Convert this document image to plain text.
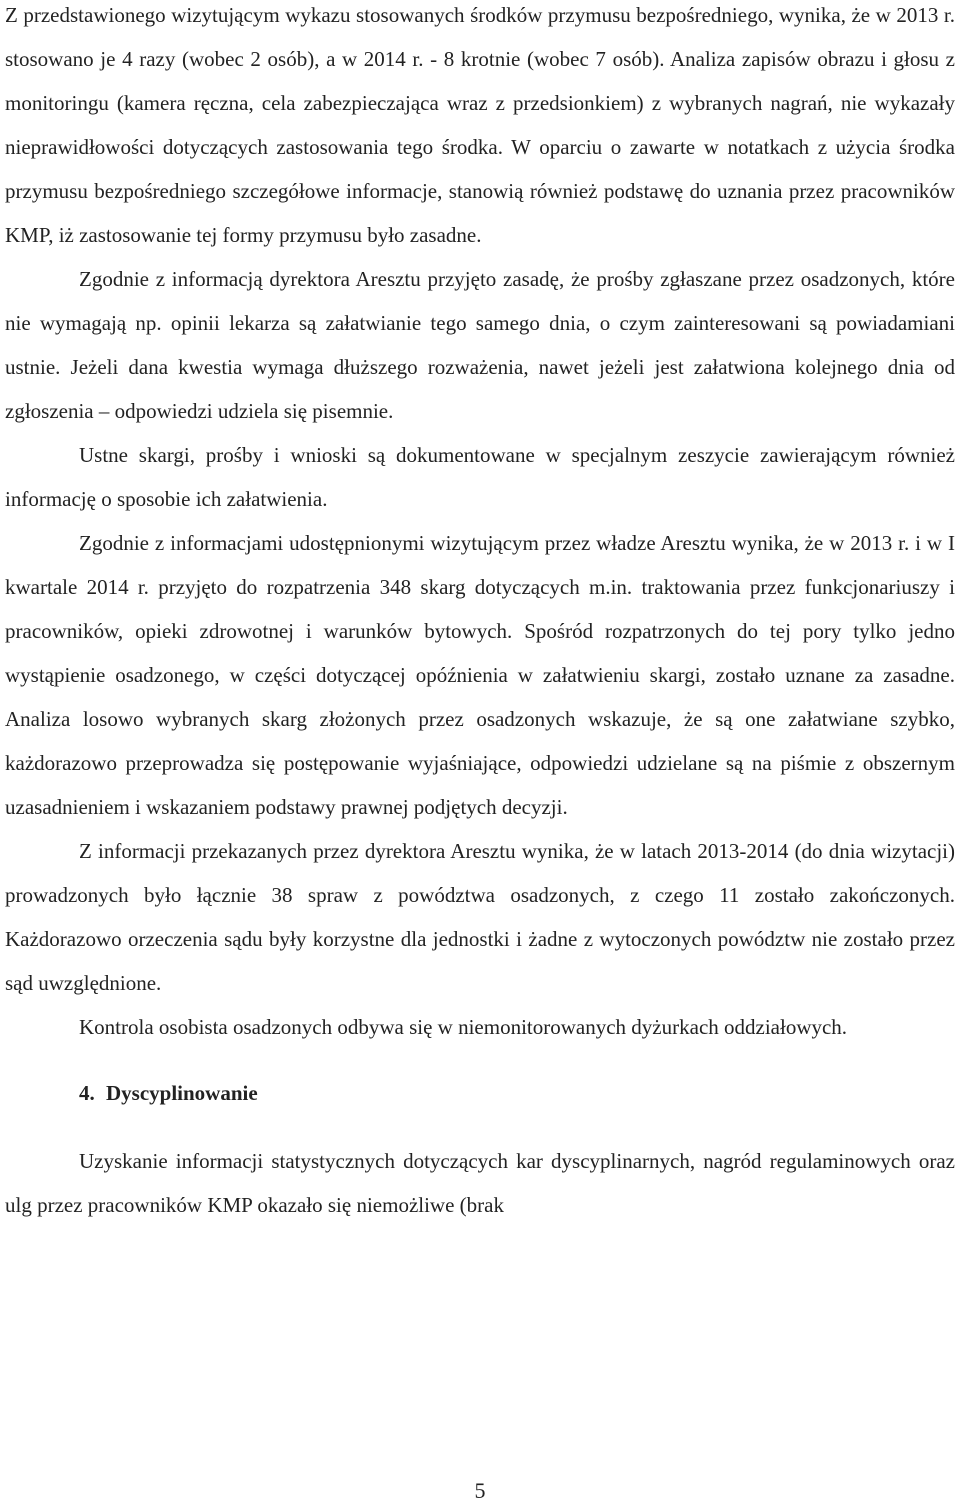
Z przedstawionego wizytującym wykazu stosowanych środków przymusu bezpośredniego, wynika, że w 2013 r. stosowano je 4 razy (wobec 2 osób), a w 2014 r. - 8 krotnie (wobec 7 osób). Analiza zapisów obrazu i głosu z monitoringu (kamera ręczna, cela zabezpieczająca wraz z przedsionkiem) z wybranych nagrań, nie wykazały nieprawidłowości dotyczących zastosowania tego środka. W oparciu o zawarte w notatkach z użycia środka przymusu bezpośredniego szczegółowe informacje, stanowią również podstawę do uznania przez pracowników KMP, iż zastosowanie tej formy przymusu było zasadne.

Zgodnie z informacją dyrektora Aresztu przyjęto zasadę, że prośby zgłaszane przez osadzonych, które nie wymagają np. opinii lekarza są załatwianie tego samego dnia, o czym zainteresowani są powiadamiani ustnie. Jeżeli dana kwestia wymaga dłuższego rozważenia, nawet jeżeli jest załatwiona kolejnego dnia od zgłoszenia – odpowiedzi udziela się pisemnie.

Ustne skargi, prośby i wnioski są dokumentowane w specjalnym zeszycie zawierającym również informację o sposobie ich załatwienia.

Zgodnie z informacjami udostępnionymi wizytującym przez władze Aresztu wynika, że w 2013 r. i w I kwartale 2014 r. przyjęto do rozpatrzenia 348 skarg dotyczących m.in. traktowania przez funkcjonariuszy i pracowników, opieki zdrowotnej i warunków bytowych. Spośród rozpatrzonych do tej pory tylko jedno wystąpienie osadzonego, w części dotyczącej opóźnienia w załatwieniu skargi, zostało uznane za zasadne. Analiza losowo wybranych skarg złożonych przez osadzonych wskazuje, że są one załatwiane szybko, każdorazowo przeprowadza się postępowanie wyjaśniające, odpowiedzi udzielane są na piśmie z obszernym uzasadnieniem i wskazaniem podstawy prawnej podjętych decyzji.

Z informacji przekazanych przez dyrektora Aresztu wynika, że w latach 2013-2014 (do dnia wizytacji) prowadzonych było łącznie 38 spraw z powództwa osadzonych, z czego 11 zostało zakończonych. Każdorazowo orzeczenia sądu były korzystne dla jednostki i żadne z wytoczonych powództw nie zostało przez sąd uwzględnione.

Kontrola osobista osadzonych odbywa się w niemonitorowanych dyżurkach oddziałowych.

4. Dyscyplinowanie

Uzyskanie informacji statystycznych dotyczących kar dyscyplinarnych, nagród regulaminowych oraz ulg przez pracowników KMP okazało się niemożliwe (brak

5
